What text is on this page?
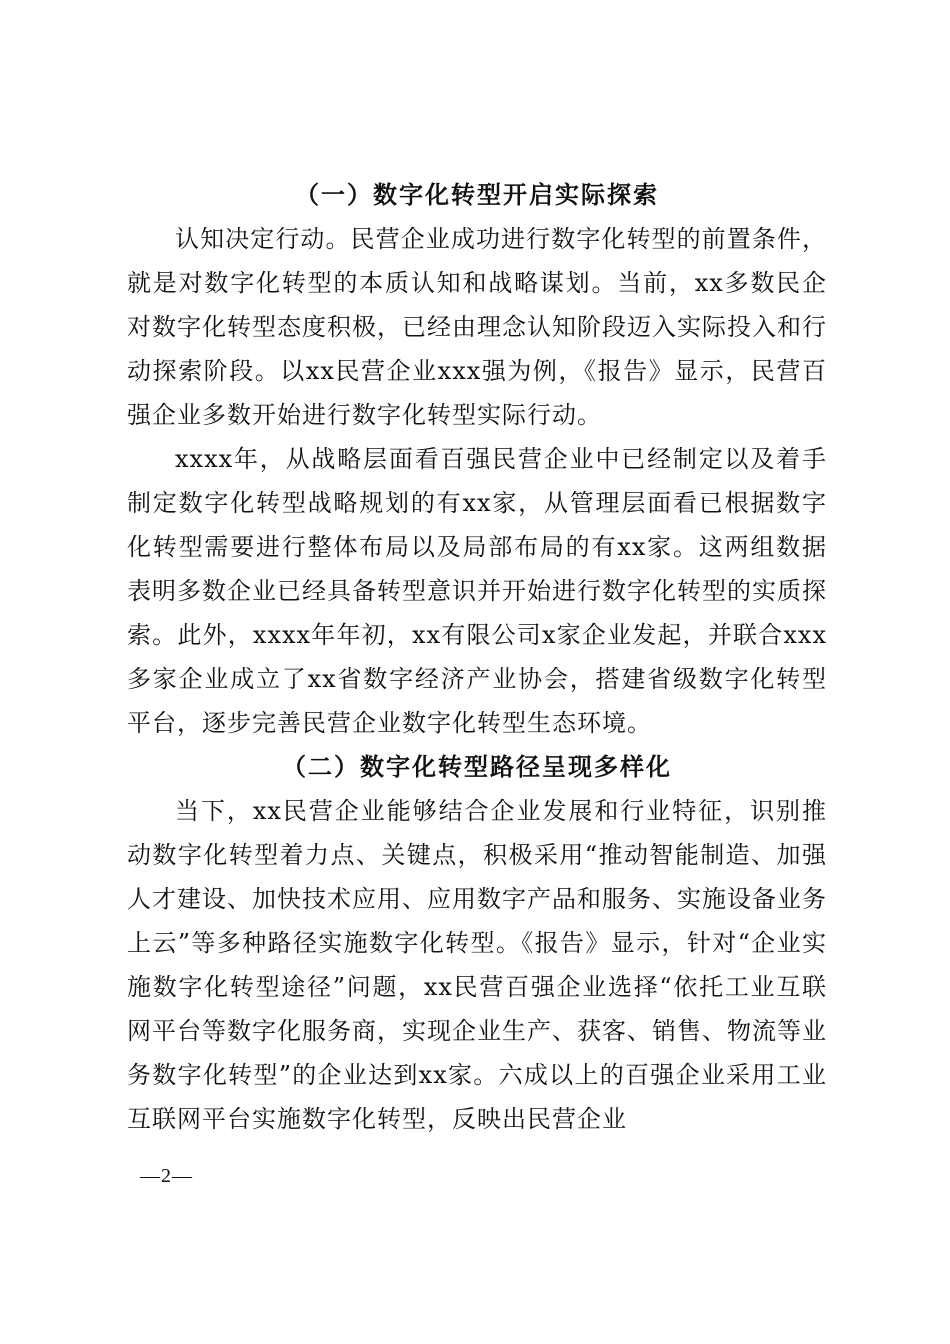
（一）数字化转型开启实际探索

认知决定行动。民营企业成功进行数字化转型的前置条件，就是对数字化转型的本质认知和战略谋划。当前，xx多数民企对数字化转型态度积极，已经由理念认知阶段迈入实际投入和行动探索阶段。以xx民营企业xxx强为例，《报告》显示，民营百强企业多数开始进行数字化转型实际行动。

xxxx年，从战略层面看百强民营企业中已经制定以及着手制定数字化转型战略规划的有xx家，从管理层面看已根据数字化转型需要进行整体布局以及局部布局的有xx家。这两组数据表明多数企业已经具备转型意识并开始进行数字化转型的实质探索。此外，xxxx年年初，xx有限公司x家企业发起，并联合xxx多家企业成立了xx省数字经济产业协会，搭建省级数字化转型平台，逐步完善民营企业数字化转型生态环境。

（二）数字化转型路径呈现多样化

当下，xx民营企业能够结合企业发展和行业特征，识别推动数字化转型着力点、关键点，积极采用“推动智能制造、加强人才建设、加快技术应用、应用数字产品和服务、实施设备业务上云”等多种路径实施数字化转型。《报告》显示，针对“企业实施数字化转型途径”问题，xx民营百强企业选择“依托工业互联网平台等数字化服务商，实现企业生产、获客、销售、物流等业务数字化转型”的企业达到xx家。六成以上的百强企业采用工业互联网平台实施数字化转型，反映出民营企业

—2—
